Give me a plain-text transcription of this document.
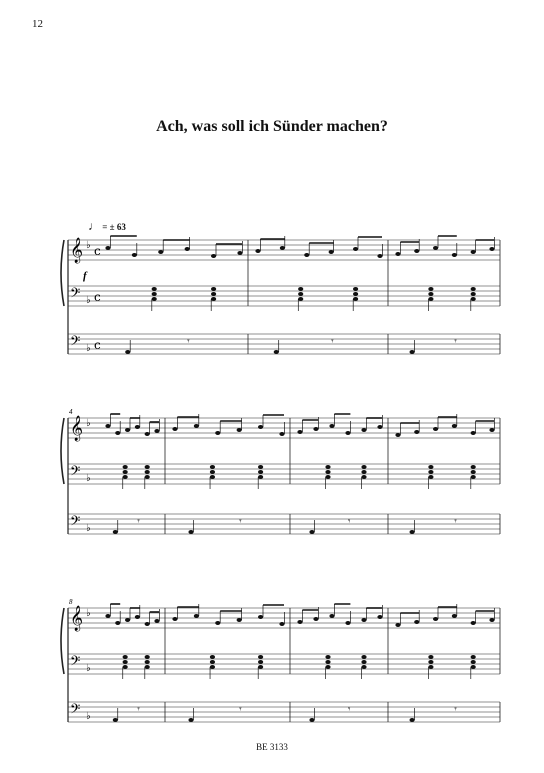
12
Ach, was soll ich Sünder machen?
♩ = ± 63
𝄞 ♭ c
𝄢 ♭ c
𝄢 ♭ c	𝄾	𝄾	𝄾
𝄞 ♭
𝄢 ♭
𝄢 ♭
4
𝄾	𝄾	𝄾	𝄾
𝄞 ♭
𝄢 ♭
𝄢 ♭
8
𝄾	𝄾	𝄾	𝄾
f
BE 3133
